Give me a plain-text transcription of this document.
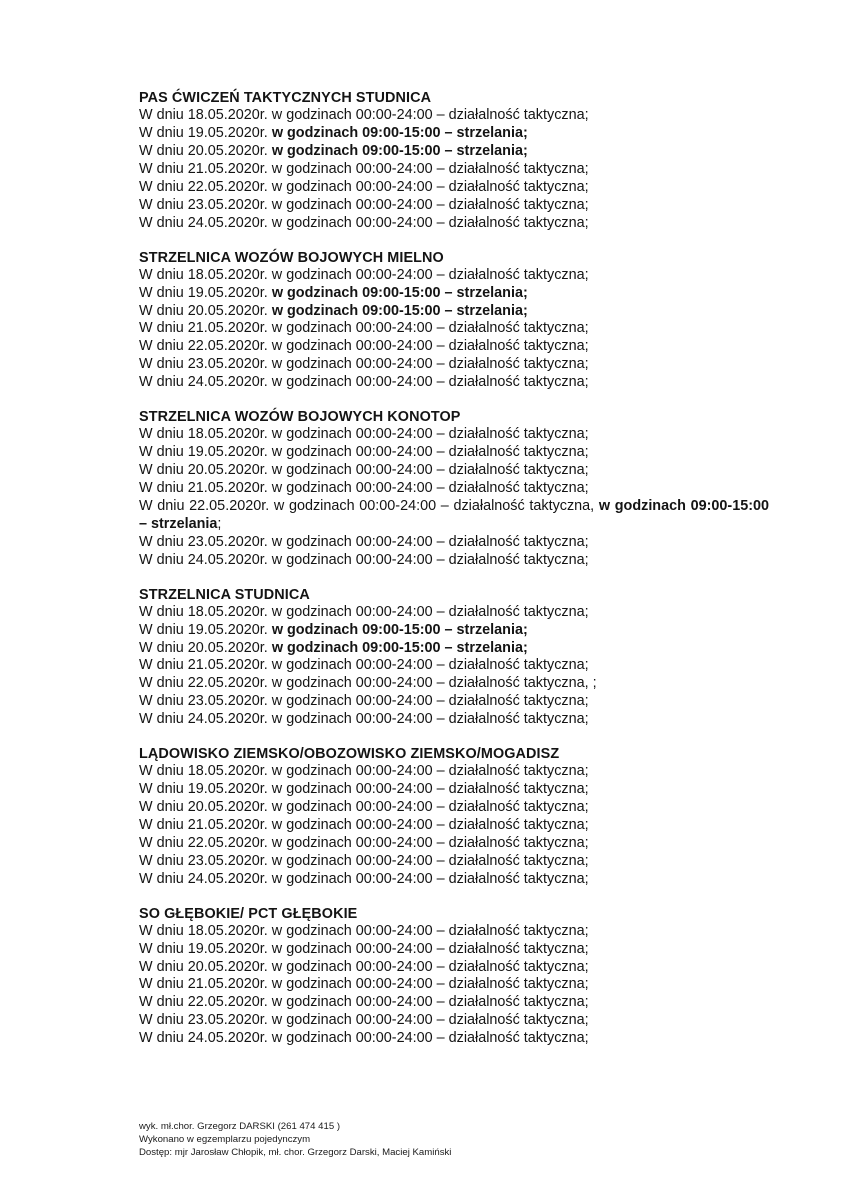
PAS ĆWICZEŃ TAKTYCZNYCH STUDNICA
W dniu 18.05.2020r. w godzinach 00:00-24:00 – działalność taktyczna;
W dniu 19.05.2020r. w godzinach 09:00-15:00 – strzelania;
W dniu 20.05.2020r. w godzinach 09:00-15:00 – strzelania;
W dniu 21.05.2020r. w godzinach 00:00-24:00 – działalność taktyczna;
W dniu 22.05.2020r. w godzinach 00:00-24:00 – działalność taktyczna;
W dniu 23.05.2020r. w godzinach 00:00-24:00 – działalność taktyczna;
W dniu 24.05.2020r. w godzinach 00:00-24:00 – działalność taktyczna;
STRZELNICA WOZÓW BOJOWYCH MIELNO
W dniu 18.05.2020r. w godzinach 00:00-24:00 – działalność taktyczna;
W dniu 19.05.2020r. w godzinach 09:00-15:00 – strzelania;
W dniu 20.05.2020r. w godzinach 09:00-15:00 – strzelania;
W dniu 21.05.2020r. w godzinach 00:00-24:00 – działalność taktyczna;
W dniu 22.05.2020r. w godzinach 00:00-24:00 – działalność taktyczna;
W dniu 23.05.2020r. w godzinach 00:00-24:00 – działalność taktyczna;
W dniu 24.05.2020r. w godzinach 00:00-24:00 – działalność taktyczna;
STRZELNICA WOZÓW BOJOWYCH KONOTOP
W dniu 18.05.2020r. w godzinach 00:00-24:00 – działalność taktyczna;
W dniu 19.05.2020r. w godzinach 00:00-24:00 – działalność taktyczna;
W dniu 20.05.2020r. w godzinach 00:00-24:00 – działalność taktyczna;
W dniu 21.05.2020r. w godzinach 00:00-24:00 – działalność taktyczna;
W dniu 22.05.2020r. w godzinach 00:00-24:00 – działalność taktyczna, w godzinach 09:00-15:00 – strzelania;
W dniu 23.05.2020r. w godzinach 00:00-24:00 – działalność taktyczna;
W dniu 24.05.2020r. w godzinach 00:00-24:00 – działalność taktyczna;
STRZELNICA STUDNICA
W dniu 18.05.2020r. w godzinach 00:00-24:00 – działalność taktyczna;
W dniu 19.05.2020r. w godzinach 09:00-15:00 – strzelania;
W dniu 20.05.2020r. w godzinach 09:00-15:00 – strzelania;
W dniu 21.05.2020r. w godzinach 00:00-24:00 – działalność taktyczna;
W dniu 22.05.2020r. w godzinach 00:00-24:00 – działalność taktyczna, ;
W dniu 23.05.2020r. w godzinach 00:00-24:00 – działalność taktyczna;
W dniu 24.05.2020r. w godzinach 00:00-24:00 – działalność taktyczna;
LĄDOWISKO ZIEMSKO/OBOZOWISKO ZIEMSKO/MOGADISZ
W dniu 18.05.2020r. w godzinach 00:00-24:00 – działalność taktyczna;
W dniu 19.05.2020r. w godzinach 00:00-24:00 – działalność taktyczna;
W dniu 20.05.2020r. w godzinach 00:00-24:00 – działalność taktyczna;
W dniu 21.05.2020r. w godzinach 00:00-24:00 – działalność taktyczna;
W dniu 22.05.2020r. w godzinach 00:00-24:00 – działalność taktyczna;
W dniu 23.05.2020r. w godzinach 00:00-24:00 – działalność taktyczna;
W dniu 24.05.2020r. w godzinach 00:00-24:00 – działalność taktyczna;
SO GŁĘBOKIE/ PCT GŁĘBOKIE
W dniu 18.05.2020r. w godzinach 00:00-24:00 – działalność taktyczna;
W dniu 19.05.2020r. w godzinach 00:00-24:00 – działalność taktyczna;
W dniu 20.05.2020r. w godzinach 00:00-24:00 – działalność taktyczna;
W dniu 21.05.2020r. w godzinach 00:00-24:00 – działalność taktyczna;
W dniu 22.05.2020r. w godzinach 00:00-24:00 – działalność taktyczna;
W dniu 23.05.2020r. w godzinach 00:00-24:00 – działalność taktyczna;
W dniu 24.05.2020r. w godzinach 00:00-24:00 – działalność taktyczna;
wyk. mł.chor. Grzegorz DARSKI (261 474 415 )
Wykonano w egzemplarzu pojedynczym
Dostęp: mjr Jarosław Chłopik, mł. chor. Grzegorz Darski, Maciej Kamiński
